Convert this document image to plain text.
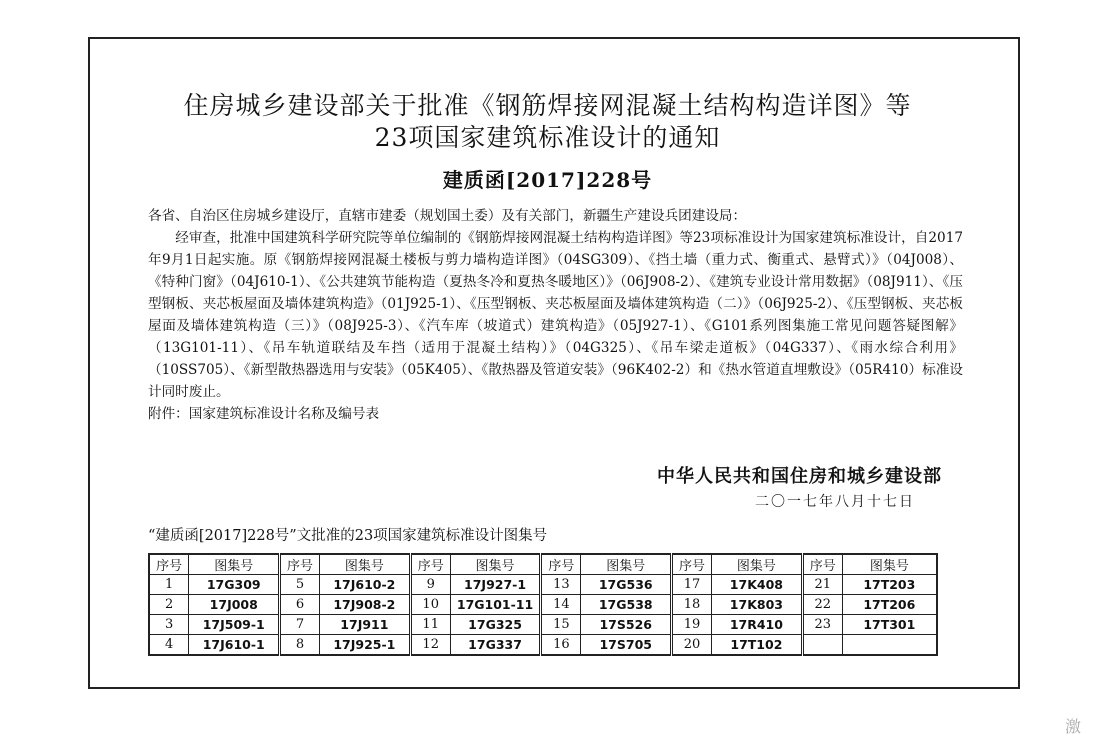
住房城乡建设部关于批准《钢筋焊接网混凝土结构构造详图》等
23项国家建筑标准设计的通知
建质函[2017]228号

各省、自治区住房城乡建设厅，直辖市建委（规划国土委）及有关部门，新疆生产建设兵团建设局：

经审查，批准中国建筑科学研究院等单位编制的《钢筋焊接网混凝土结构构造详图》等23项标准设计为国家建筑标准设计，自2017年9月1日起实施。原《钢筋焊接网混凝土楼板与剪力墙构造详图》（04SG309）、《挡土墙（重力式、衡重式、悬臂式）》（04J008）、《特种门窗》（04J610-1）、《公共建筑节能构造（夏热冬冷和夏热冬暖地区）》（06J908-2）、《建筑专业设计常用数据》（08J911）、《压型钢板、夹芯板屋面及墙体建筑构造》（01J925-1）、《压型钢板、夹芯板屋面及墙体建筑构造（二）》（06J925-2）、《压型钢板、夹芯板屋面及墙体建筑构造（三）》（08J925-3）、《汽车库（坡道式）建筑构造》（05J927-1）、《G101系列图集施工常见问题答疑图解》（13G101-11）、《吊车轨道联结及车挡（适用于混凝土结构）》（04G325）、《吊车梁走道板》（04G337）、《雨水综合利用》（10SS705）、《新型散热器选用与安装》（05K405）、《散热器及管道安装》（96K402-2）和《热水管道直埋敷设》（05R410）标准设计同时废止。

附件：国家建筑标准设计名称及编号表

中华人民共和国住房和城乡建设部
二〇一七年八月十七日
“建质函[2017]228号”文批准的23项国家建筑标准设计图集号
序号	图集号	序号	图集号	序号	图集号	序号	图集号	序号	图集号	序号	图集号
1	17G309	5	17J610-2	9	17J927-1	13	17G536	17	17K408	21	17T203
2	17J008	6	17J908-2	10	17G101-11	14	17G538	18	17K803	22	17T206
3	17J509-1	7	17J911	11	17G325	15	17S526	19	17R410	23	17T301
4	17J610-1	8	17J925-1	12	17G337	16	17S705	20	17T102		
激
